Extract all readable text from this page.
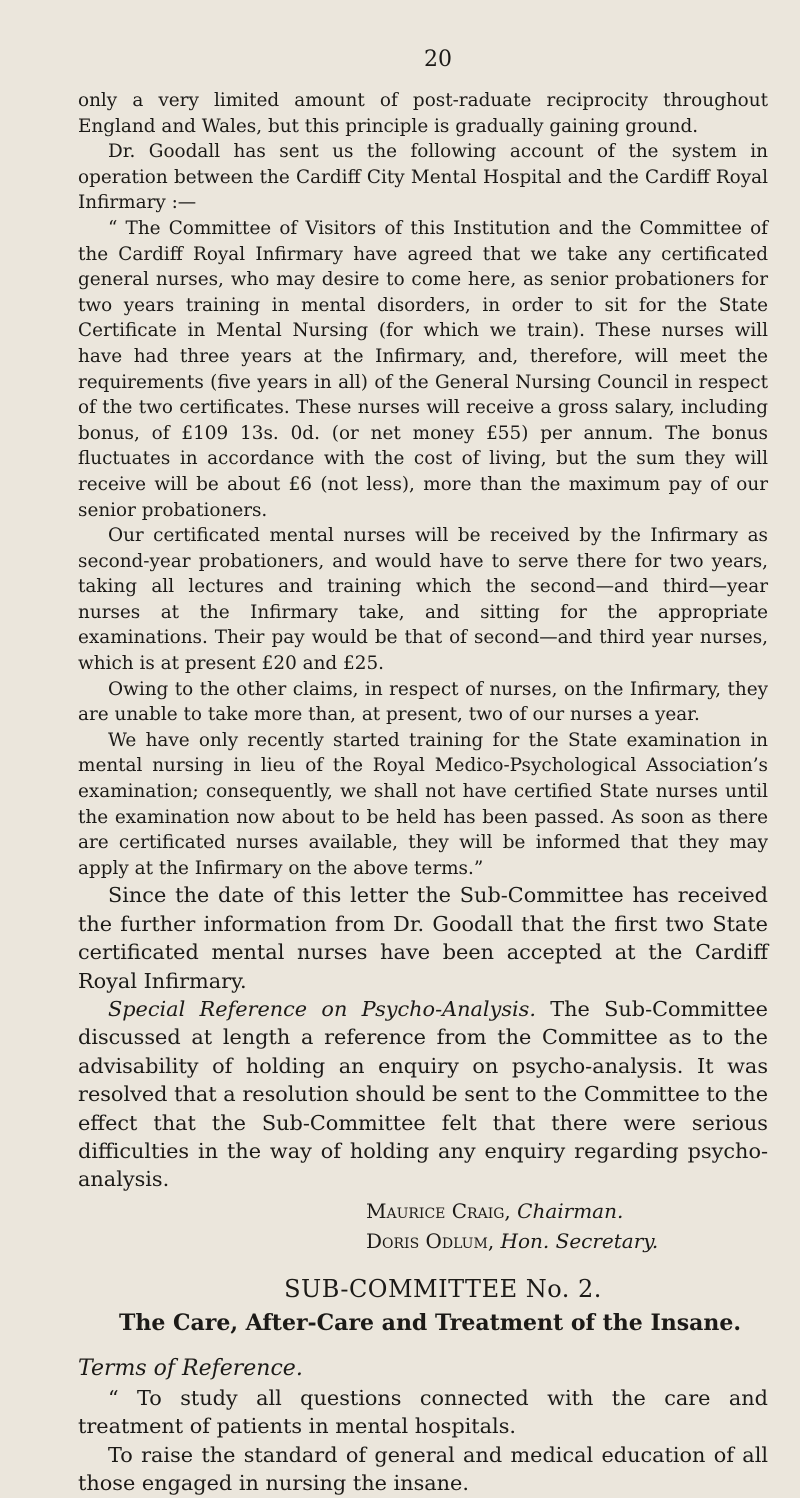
20

only a very limited amount of post-raduate reciprocity throughout England and Wales, but this principle is gradually gaining ground.

Dr. Goodall has sent us the following account of the system in operation between the Cardiff City Mental Hospital and the Cardiff Royal Infirmary :—

“ The Committee of Visitors of this Institution and the Committee of the Cardiff Royal Infirmary have agreed that we take any certificated general nurses, who may desire to come here, as senior probationers for two years training in mental disorders, in order to sit for the State Certificate in Mental Nursing (for which we train). These nurses will have had three years at the Infirmary, and, therefore, will meet the requirements (five years in all) of the General Nursing Council in respect of the two certificates. These nurses will receive a gross salary, including bonus, of £109 13s. 0d. (or net money £55) per annum. The bonus fluctuates in accordance with the cost of living, but the sum they will receive will be about £6 (not less), more than the maximum pay of our senior probationers.

Our certificated mental nurses will be received by the Infirmary as second-year probationers, and would have to serve there for two years, taking all lectures and training which the second—and third—year nurses at the Infirmary take, and sitting for the appropriate examinations. Their pay would be that of second—and third year nurses, which is at present £20 and £25.

Owing to the other claims, in respect of nurses, on the Infirmary, they are unable to take more than, at present, two of our nurses a year.

We have only recently started training for the State examination in mental nursing in lieu of the Royal Medico-Psychological Association’s examination; consequently, we shall not have certified State nurses until the examination now about to be held has been passed. As soon as there are certificated nurses available, they will be informed that they may apply at the Infirmary on the above terms.”

Since the date of this letter the Sub-Committee has received the further information from Dr. Goodall that the first two State certificated mental nurses have been accepted at the Cardiff Royal Infirmary.

Special Reference on Psycho-Analysis. The Sub-Committee discussed at length a reference from the Committee as to the advisability of holding an enquiry on psycho-analysis. It was resolved that a resolution should be sent to the Committee to the effect that the Sub-Committee felt that there were serious difficulties in the way of holding any enquiry regarding psycho-analysis.

Maurice Craig, Chairman.
Doris Odlum, Hon. Secretary.
SUB-COMMITTEE No. 2.
The Care, After-Care and Treatment of the Insane.
Terms of Reference.

“ To study all questions connected with the care and treatment of patients in mental hospitals.

To raise the standard of general and medical education of all those engaged in nursing the insane.
